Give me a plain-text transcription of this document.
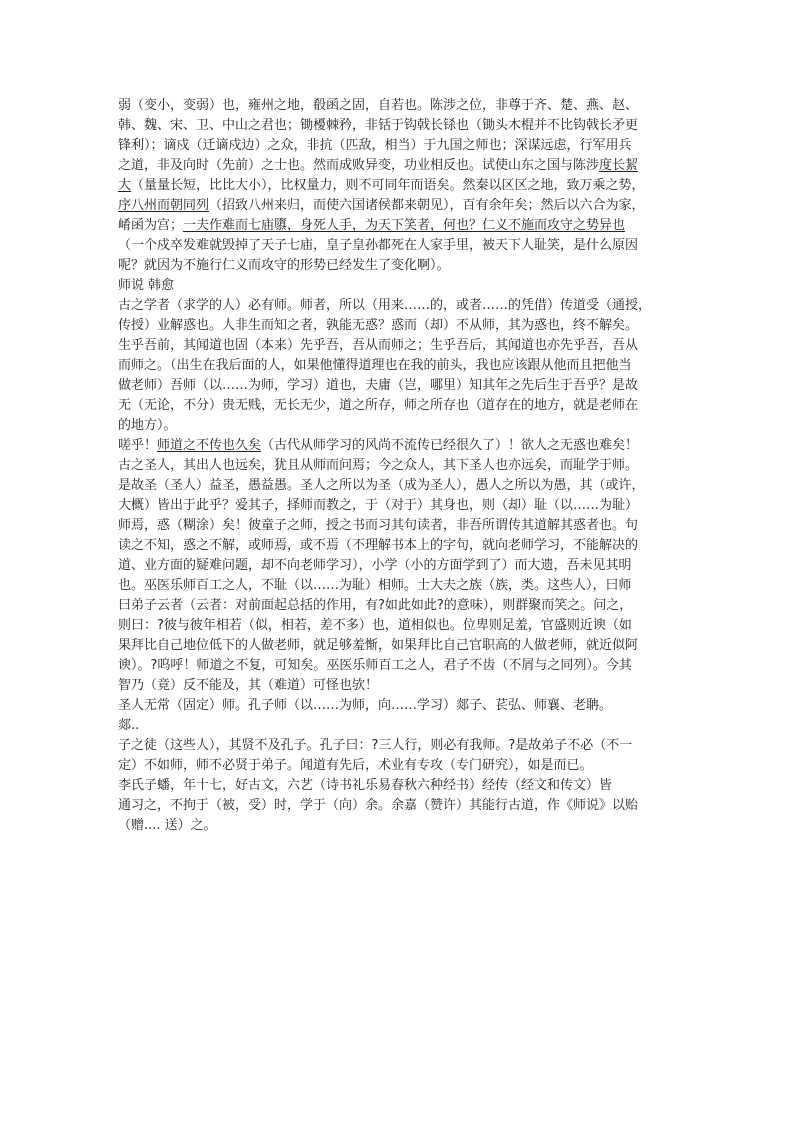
弱（变小，变弱）也，雍州之地，殽函之固，自若也。陈涉之位，非尊于齐、楚、燕、赵、
韩、魏、宋、卫、中山之君也；锄櫌棘矜，非铦于钩戟长铩也（锄头木棍并不比钩戟长矛更
锋利）；谪戍（迁谪戍边）之众，非抗（匹敌，相当）于九国之师也；深谋远虑，行军用兵
之道，非及向时（先前）之士也。然而成败异变，功业相反也。试使山东之国与陈涉度长絜
大（量量长短，比比大小），比权量力，则不可同年而语矣。然秦以区区之地，致万乘之势，
序八州而朝同列（招致八州来归，而使六国诸侯都来朝见），百有余年矣；然后以六合为家，
崤函为宫；一夫作难而七庙隳，身死人手，为天下笑者，何也？仁义不施而攻守之势异也
（一个戍卒发难就毁掉了天子七庙，皇子皇孙都死在人家手里，被天下人耻笑，是什么原因
呢？就因为不施行仁义而攻守的形势已经发生了变化啊）。
师说 韩愈
古之学者（求学的人）必有师。师者，所以（用来……的，或者……的凭借）传道受（通授，
传授）业解惑也。人非生而知之者，孰能无惑？惑而（却）不从师，其为惑也，终不解矣。
生乎吾前，其闻道也固（本来）先乎吾，吾从而师之；生乎吾后，其闻道也亦先乎吾，吾从
而师之。（出生在我后面的人，如果他懂得道理也在我的前头，我也应该跟从他而且把他当
做老师）吾师（以……为师，学习）道也，夫庸（岂，哪里）知其年之先后生于吾乎？是故
无（无论，不分）贵无贱，无长无少，道之所存，师之所存也（道存在的地方，就是老师在
的地方）。
嗟乎！师道之不传也久矣（古代从师学习的风尚不流传已经很久了）！欲人之无惑也难矣！
古之圣人，其出人也远矣，犹且从师而问焉；今之众人，其下圣人也亦远矣，而耻学于师。
是故圣（圣人）益圣，愚益愚。圣人之所以为圣（成为圣人），愚人之所以为愚，其（或许，
大概）皆出于此乎？爱其子，择师而教之，于（对于）其身也，则（却）耻（以……为耻）
师焉，惑（糊涂）矣！彼童子之师，授之书而习其句读者，非吾所谓传其道解其惑者也。句
读之不知，惑之不解，或师焉，或不焉（不理解书本上的字句，就向老师学习，不能解决的
道、业方面的疑难问题，却不向老师学习），小学（小的方面学到了）而大遗，吾未见其明
也。巫医乐师百工之人，不耻（以……为耻）相师。士大夫之族（族，类。这些人），曰师
曰弟子云者（云者：对前面起总括的作用，有?如此如此?的意味），则群聚而笑之。问之，
则曰：?彼与彼年相若（似，相若，差不多）也，道相似也。位卑则足羞，官盛则近谀（如
果拜比自己地位低下的人做老师，就足够羞惭，如果拜比自己官职高的人做老师，就近似阿
谀）。?呜呼！师道之不复，可知矣。巫医乐师百工之人，君子不齿（不屑与之同列）。今其
智乃（竟）反不能及，其（难道）可怪也欤！
圣人无常（固定）师。孔子师（以……为师，向……学习）郯子、苌弘、师襄、老聃。
郯..
子之徒（这些人），其贤不及孔子。孔子曰：?三人行，则必有我师。?是故弟子不必（不一
定）不如师，师不必贤于弟子。闻道有先后，术业有专攻（专门研究），如是而已。
李氏子蟠，年十七，好古文，六艺（诗书礼乐易春秋六种经书）经传（经文和传文）皆
通习之，不拘于（被，受）时，学于（向）余。余嘉（赞许）其能行古道，作《师说》以贻
（赠.... 送）之。
